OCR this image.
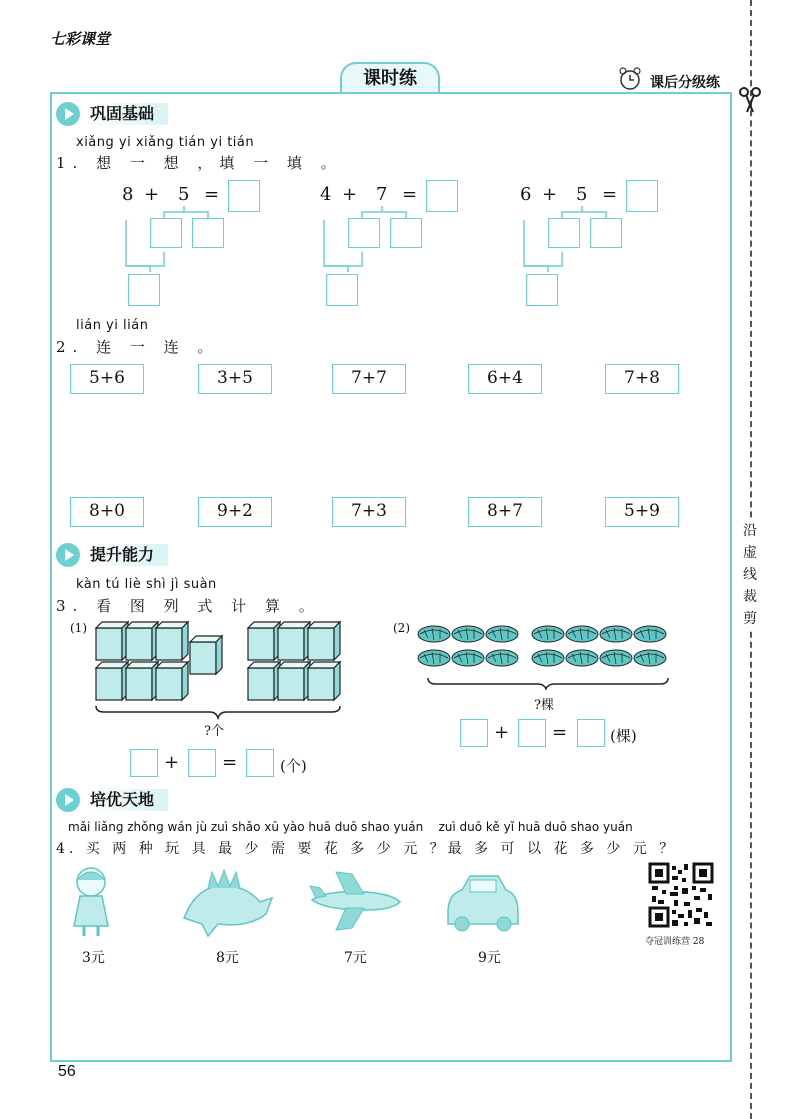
七彩课堂
课时练	课后分级练
沿虚线裁剪
巩固基础
xiǎng yi xiǎng tián yi tián
1. 想 一 想 ，填 一 填 。
8 + 5 =	4 + 7 =	6 + 5 =
lián yi lián
2. 连 一 连 。
5+6	3+5	7+7	6+4	7+8
8+0	9+2	7+3	8+7	5+9
提升能力
kàn tú liè shì jì suàn
3. 看 图 列 式 计 算 。
(1)
?个
+ =	(个)
(2)
?棵
+ =	(棵)
培优天地
mǎi liǎng zhǒng wán jù zuì shǎo xū yào huā duō shao yuán    zuì duō kě yǐ huā duō shao yuán
4. 买 两 种 玩 具 最 少 需 要 花 多 少 元 ？最 多 可 以 花 多 少 元 ？
3元	8元	7元	9元
夺冠训练营 28
56
